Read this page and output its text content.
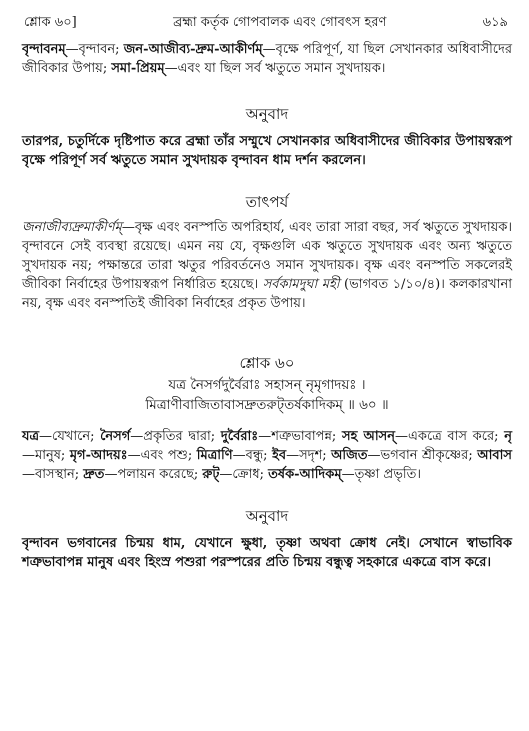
শ্লোক ৬০]	ব্রহ্মা কর্তৃক গোপবালক এবং গোবৎস হরণ	৬১৯

বৃন্দাবনম্—বৃন্দাবন; জন-আজীব্য-দ্রুম-আকীর্ণম্—বৃক্ষে পরিপূর্ণ, যা ছিল সেখানকার অধিবাসীদের জীবিকার উপায়; সমা-প্রিয়ম্—এবং যা ছিল সর্ব ঋতুতে সমান সুখদায়ক।

অনুবাদ

তারপর, চতুর্দিকে দৃষ্টিপাত করে ব্রহ্মা তাঁর সম্মুখে সেখানকার অধিবাসীদের জীবিকার উপায়স্বরূপ বৃক্ষে পরিপূর্ণ সর্ব ঋতুতে সমান সুখদায়ক বৃন্দাবন ধাম দর্শন করলেন।

তাৎপর্য

জনাজীব্যদ্রুমাকীর্ণম্—বৃক্ষ এবং বনস্পতি অপরিহার্য, এবং তারা সারা বছর, সর্ব ঋতুতে সুখদায়ক। বৃন্দাবনে সেই ব্যবস্থা রয়েছে। এমন নয় যে, বৃক্ষগুলি এক ঋতুতে সুখদায়ক এবং অন্য ঋতুতে সুখদায়ক নয়; পক্ষান্তরে তারা ঋতুর পরিবর্তনেও সমান সুখদায়ক। বৃক্ষ এবং বনস্পতি সকলেরই জীবিকা নির্বাহের উপায়স্বরূপ নির্ধারিত হয়েছে। সর্বকামদুঘা মহী (ভাগবত ১/১০/৪)। কলকারখানা নয়, বৃক্ষ এবং বনস্পতিই জীবিকা নির্বাহের প্রকৃত উপায়।

শ্লোক ৬০

যত্র নৈসর্গদুর্বৈরাঃ সহাসন্ নৃমৃগাদয়ঃ ।

মিত্রাণীবাজিতাবাসদ্রুতরুট্তর্ষকাদিকম্ ॥ ৬০ ॥

যত্র—যেখানে; নৈসর্গ—প্রকৃতির দ্বারা; দুর্বৈরাঃ—শত্রুভাবাপন্ন; সহ আসন্—একত্রে বাস করে; নৃ—মানুষ; মৃগ-আদয়ঃ—এবং পশু; মিত্রাণি—বন্ধু; ইব—সদৃশ; অজিত—ভগবান শ্রীকৃষ্ণের; আবাস—বাসস্থান; দ্রুত—পলায়ন করেছে; রুট্—ক্রোধ; তর্ষক-আদিকম্—তৃষ্ণা প্রভৃতি।

অনুবাদ

বৃন্দাবন ভগবানের চিন্ময় ধাম, যেখানে ক্ষুধা, তৃষ্ণা অথবা ক্রোধ নেই। সেখানে স্বাভাবিক শত্রুভাবাপন্ন মানুষ এবং হিংস্র পশুরা পরস্পরের প্রতি চিন্ময় বন্ধুত্ব সহকারে একত্রে বাস করে।
